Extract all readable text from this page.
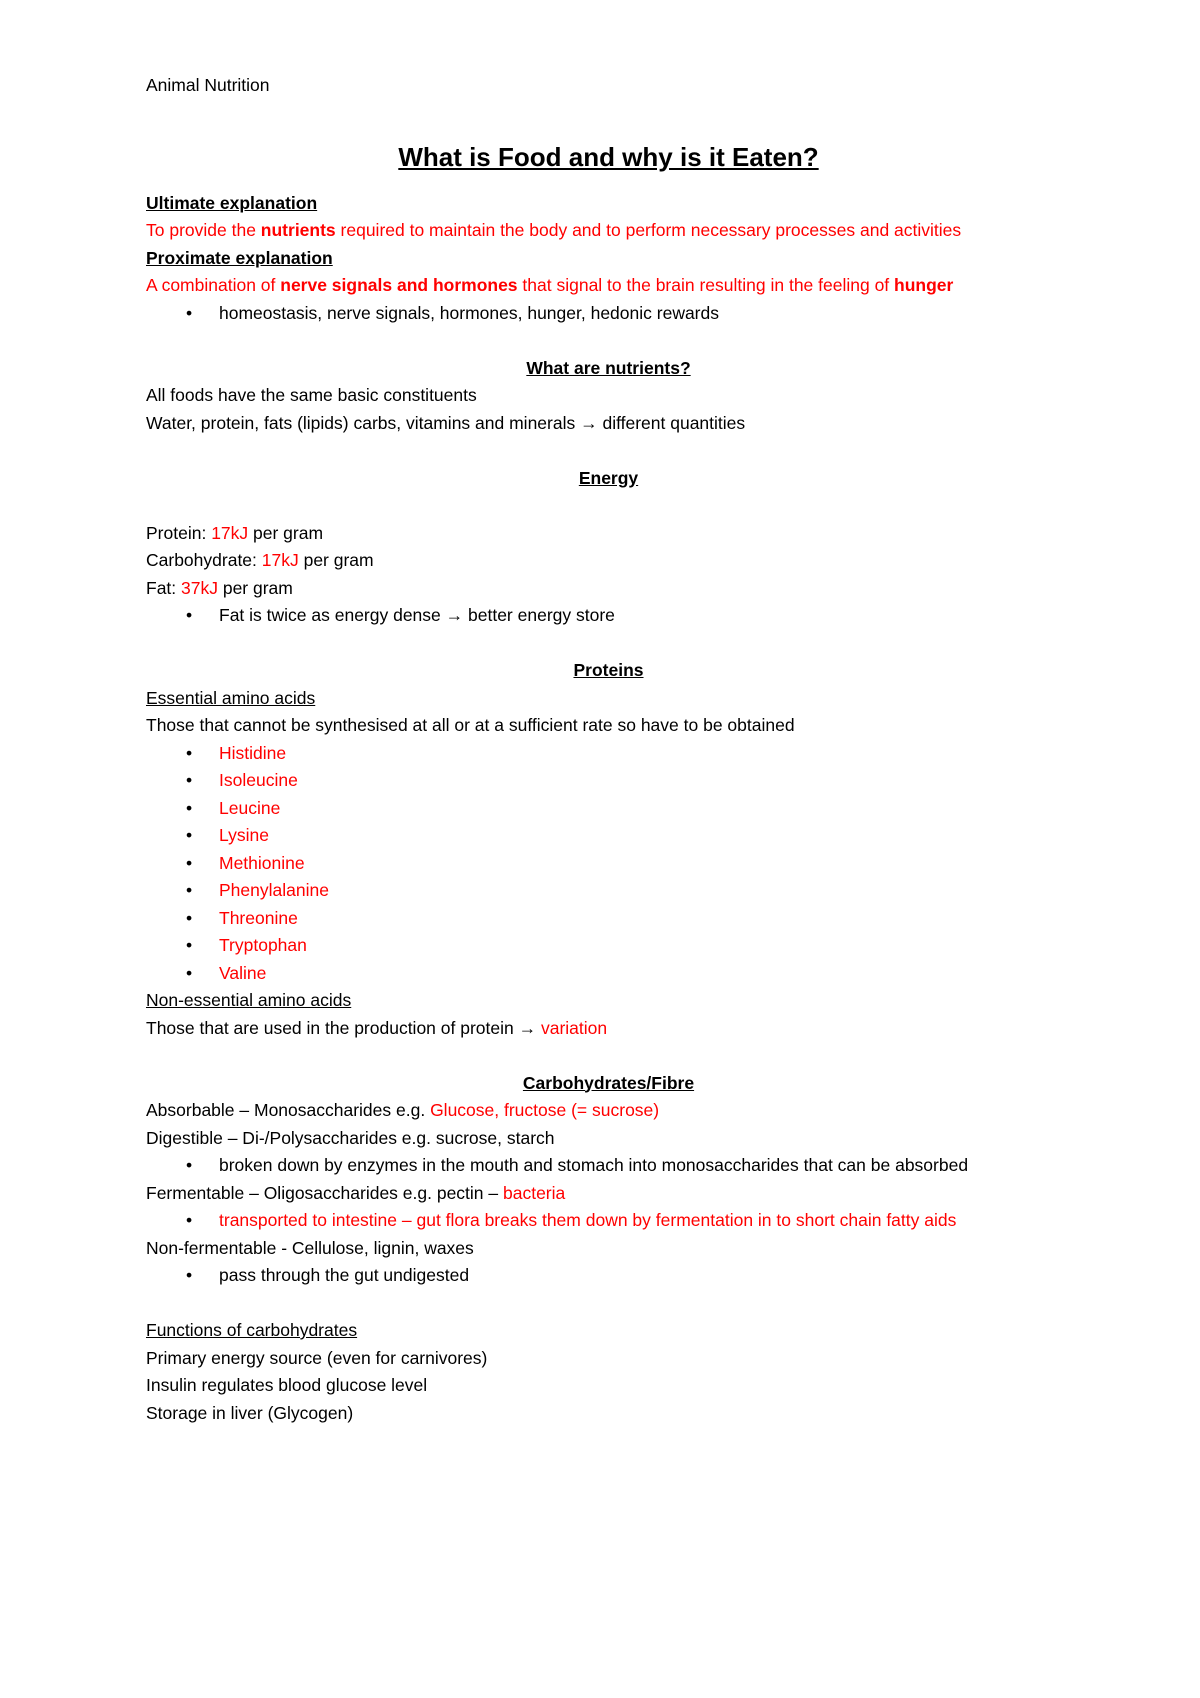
Animal Nutrition

What is Food and why is it Eaten?

Ultimate explanation

To provide the nutrients required to maintain the body and to perform necessary processes and activities

Proximate explanation

A combination of nerve signals and hormones that signal to the brain resulting in the feeling of hunger

• homeostasis, nerve signals, hormones, hunger, hedonic rewards

What are nutrients?

All foods have the same basic constituents

Water, protein, fats (lipids) carbs, vitamins and minerals → different quantities

Energy

Protein: 17kJ per gram

Carbohydrate: 17kJ per gram

Fat: 37kJ per gram

• Fat is twice as energy dense → better energy store

Proteins

Essential amino acids

Those that cannot be synthesised at all or at a sufficient rate so have to be obtained

• Histidine
• Isoleucine
• Leucine
• Lysine
• Methionine
• Phenylalanine
• Threonine
• Tryptophan
• Valine

Non-essential amino acids

Those that are used in the production of protein → variation

Carbohydrates/Fibre

Absorbable – Monosaccharides e.g. Glucose, fructose (= sucrose)

Digestible – Di-/Polysaccharides e.g. sucrose, starch

• broken down by enzymes in the mouth and stomach into monosaccharides that can be absorbed

Fermentable – Oligosaccharides e.g. pectin – bacteria

• transported to intestine – gut flora breaks them down by fermentation in to short chain fatty aids

Non-fermentable - Cellulose, lignin, waxes

• pass through the gut undigested

Functions of carbohydrates

Primary energy source (even for carnivores)

Insulin regulates blood glucose level

Storage in liver (Glycogen)
